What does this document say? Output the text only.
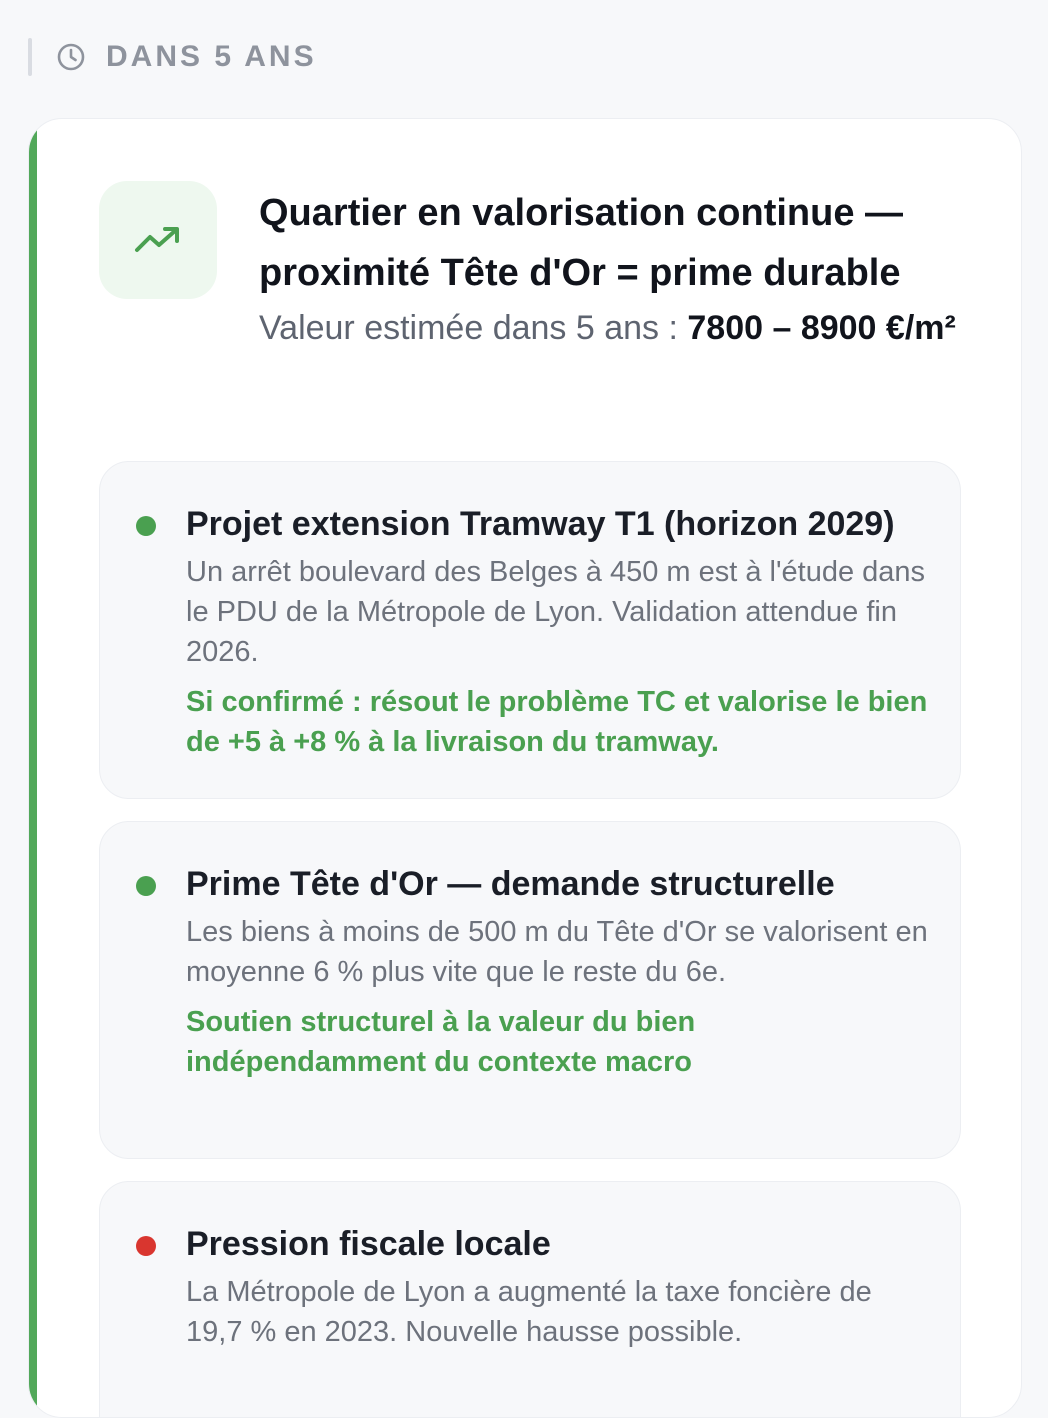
DANS 5 ANS
Quartier en valorisation continue — proximité Tête d'Or = prime durable
Valeur estimée dans 5 ans : 7800 – 8900 €/m²
Projet extension Tramway T1 (horizon 2029)
Un arrêt boulevard des Belges à 450 m est à l'étude dans le PDU de la Métropole de Lyon. Validation attendue fin 2026.
Si confirmé : résout le problème TC et valorise le bien de +5 à +8 % à la livraison du tramway.
Prime Tête d'Or — demande structurelle
Les biens à moins de 500 m du Tête d'Or se valorisent en moyenne 6 % plus vite que le reste du 6e.
Soutien structurel à la valeur du bien indépendamment du contexte macro
Pression fiscale locale
La Métropole de Lyon a augmenté la taxe foncière de 19,7 % en 2023. Nouvelle hausse possible.
